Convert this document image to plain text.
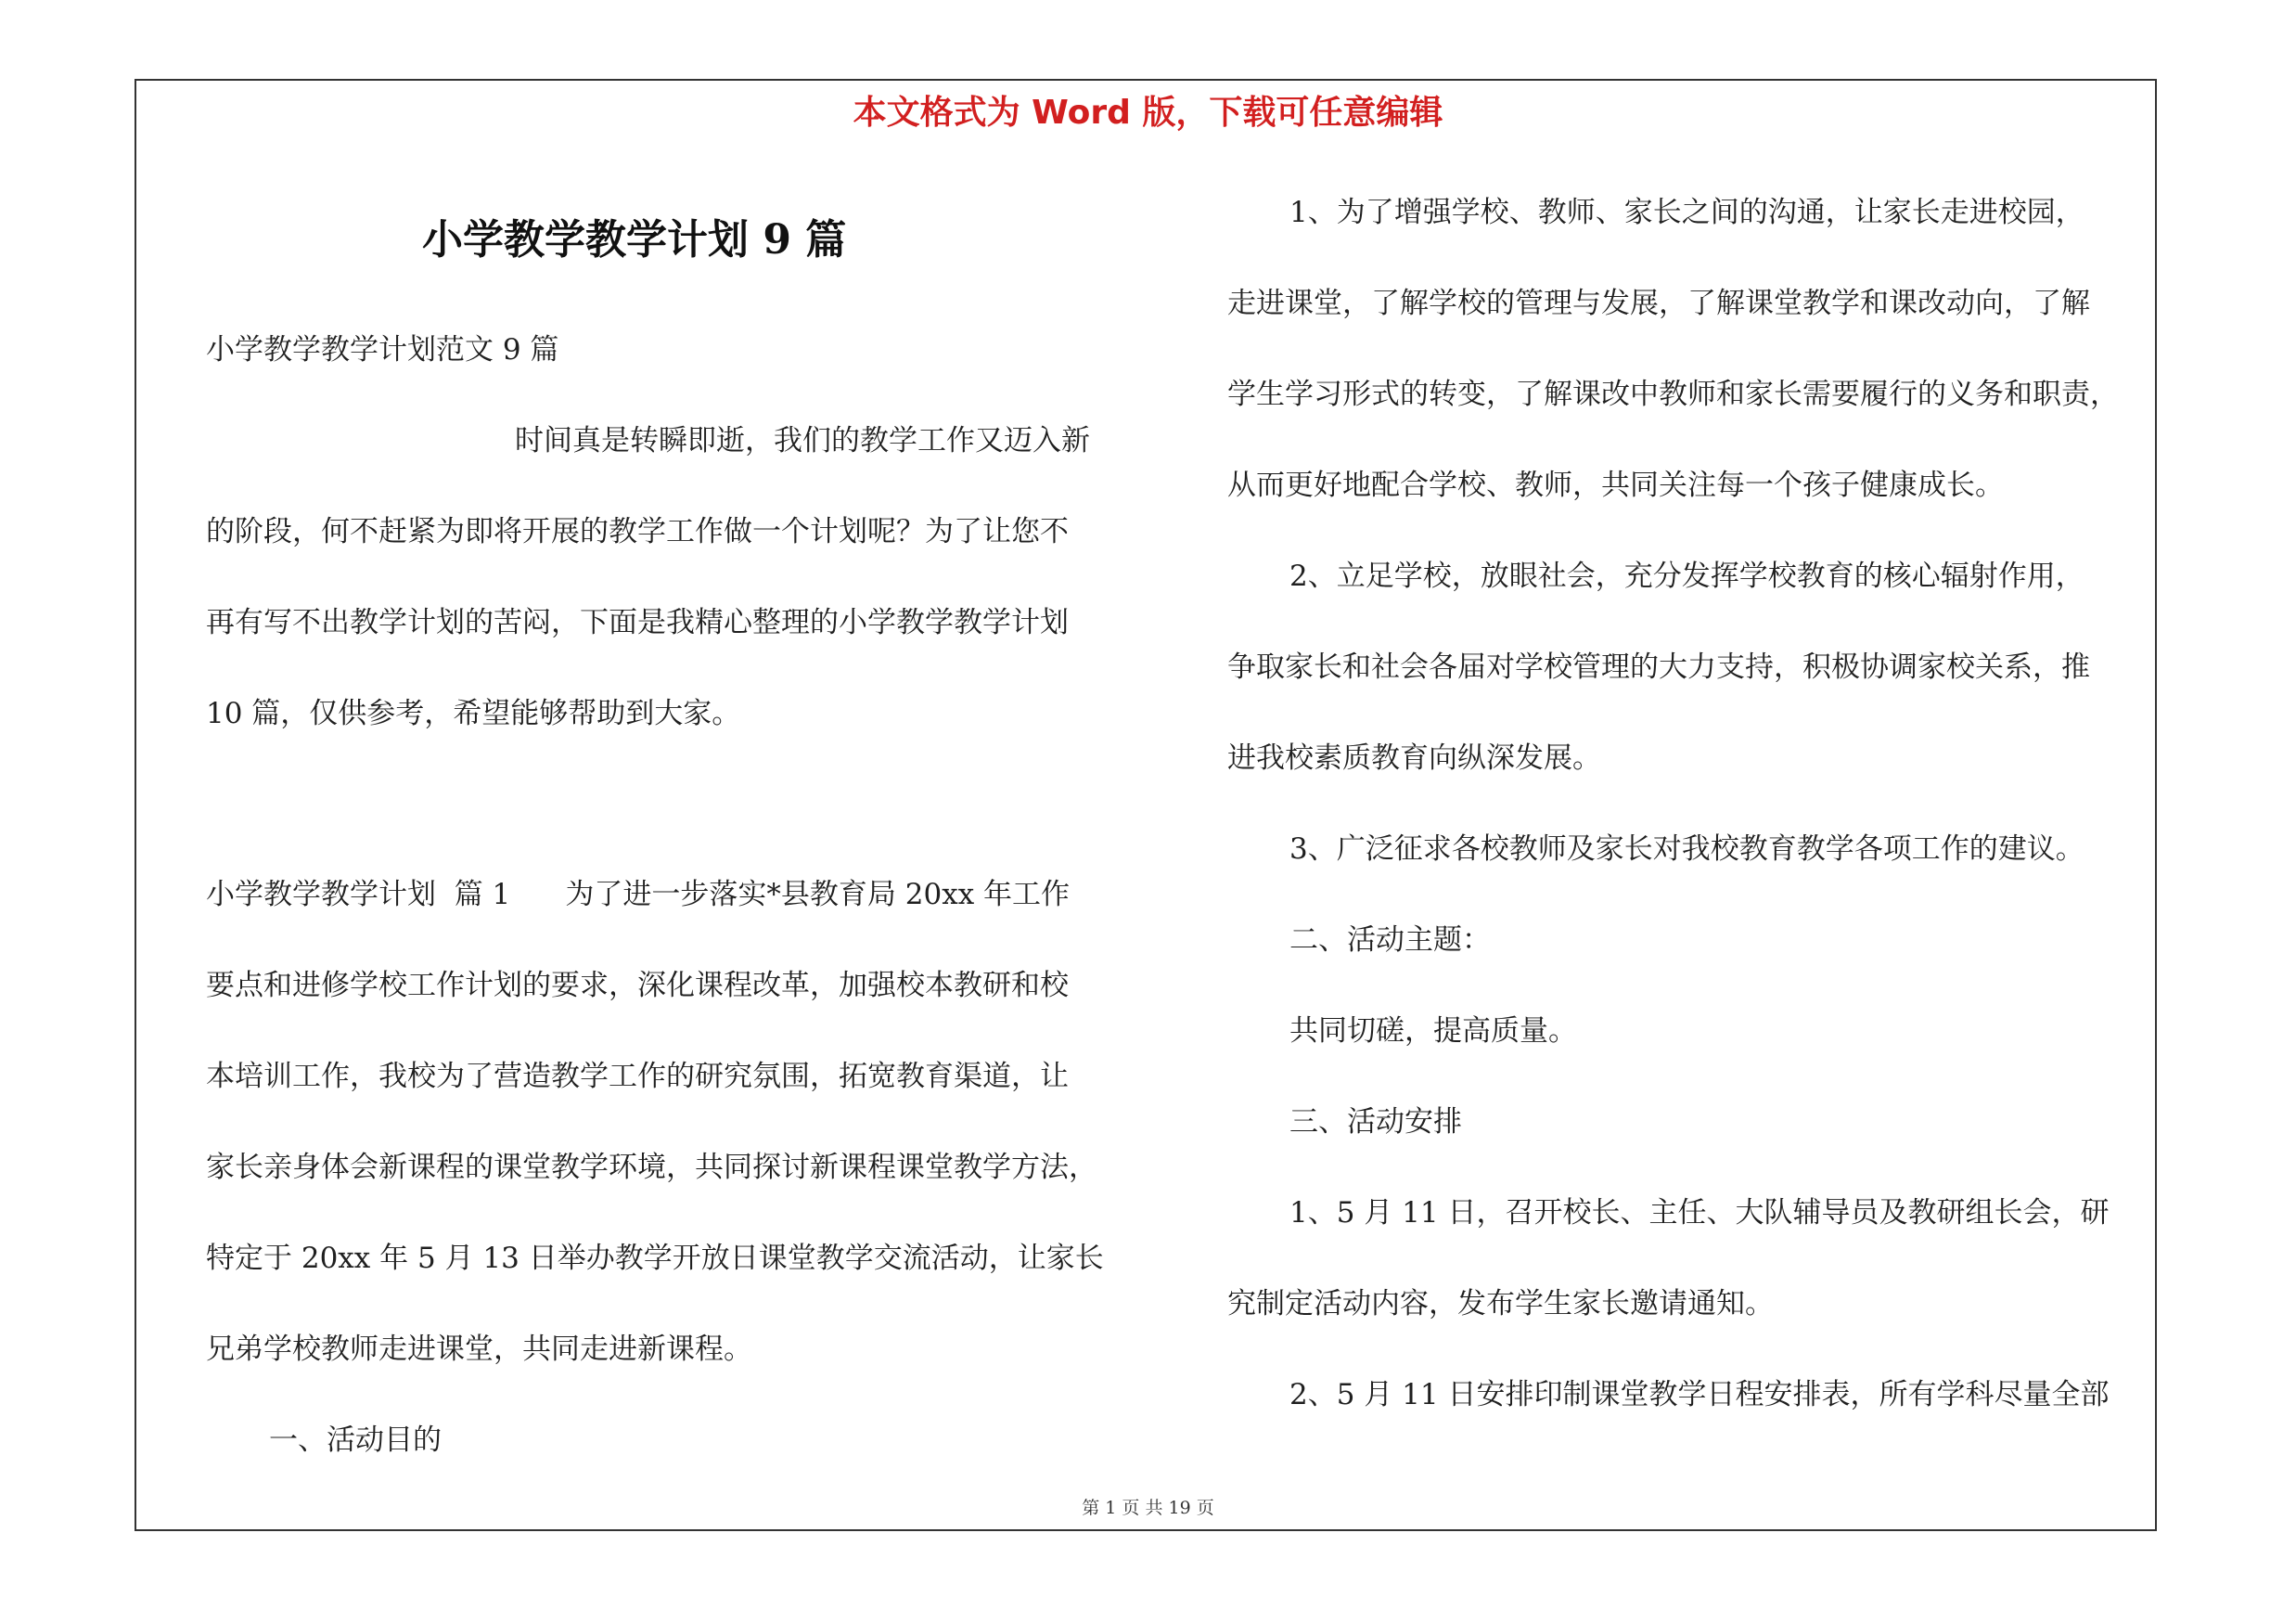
本文格式为 Word 版，下载可任意编辑
小学教学教学计划 9 篇
小学教学教学计划范文 9 篇
时间真是转瞬即逝，我们的教学工作又迈入新
的阶段，何不赶紧为即将开展的教学工作做一个计划呢？为了让您不
再有写不出教学计划的苦闷，下面是我精心整理的小学教学教学计划
10 篇，仅供参考，希望能够帮助到大家。
小学教学教学计划  篇 1      为了进一步落实*县教育局 20xx 年工作
要点和进修学校工作计划的要求，深化课程改革，加强校本教研和校
本培训工作，我校为了营造教学工作的研究氛围，拓宽教育渠道，让
家长亲身体会新课程的课堂教学环境，共同探讨新课程课堂教学方法，
特定于 20xx 年 5 月 13 日举办教学开放日课堂教学交流活动，让家长
兄弟学校教师走进课堂，共同走进新课程。
一、活动目的
1、为了增强学校、教师、家长之间的沟通，让家长走进校园，
走进课堂，了解学校的管理与发展，了解课堂教学和课改动向，了解
学生学习形式的转变，了解课改中教师和家长需要履行的义务和职责，
从而更好地配合学校、教师，共同关注每一个孩子健康成长。
2、立足学校，放眼社会，充分发挥学校教育的核心辐射作用，
争取家长和社会各届对学校管理的大力支持，积极协调家校关系，推
进我校素质教育向纵深发展。
3、广泛征求各校教师及家长对我校教育教学各项工作的建议。
二、活动主题：
共同切磋，提高质量。
三、活动安排
1、5 月 11 日，召开校长、主任、大队辅导员及教研组长会，研
究制定活动内容，发布学生家长邀请通知。
2、5 月 11 日安排印制课堂教学日程安排表，所有学科尽量全部
第 1 页 共 19 页
